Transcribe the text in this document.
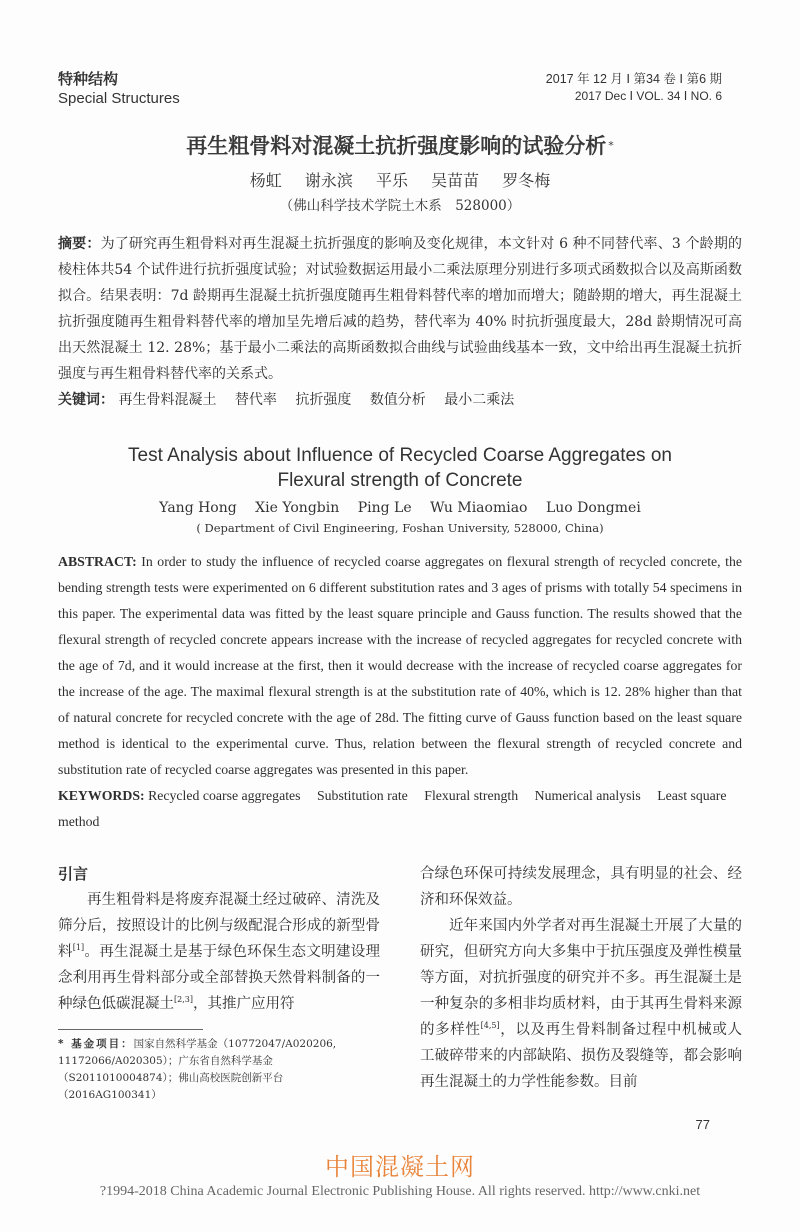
特种结构
Special Structures
2017 年 12 月 Ⅰ 第34 卷 Ⅰ 第6 期
2017 Dec Ⅰ VOL. 34 Ⅰ NO. 6
再生粗骨料对混凝土抗折强度影响的试验分析 *
杨虹 谢永滨 平乐 吴苗苗 罗冬梅
（佛山科学技术学院土木系　528000）
摘要：为了研究再生粗骨料对再生混凝土抗折强度的影响及变化规律，本文针对 6 种不同替代率、3 个龄期的棱柱体共54 个试件进行抗折强度试验；对试验数据运用最小二乘法原理分别进行多项式函数拟合以及高斯函数拟合。结果表明：7d 龄期再生混凝土抗折强度随再生粗骨料替代率的增加而增大；随龄期的增大，再生混凝土抗折强度随再生粗骨料替代率的增加呈先增后减的趋势，替代率为 40% 时抗折强度最大，28d 龄期情况可高出天然混凝土 12. 28%；基于最小二乘法的高斯函数拟合曲线与试验曲线基本一致，文中给出再生混凝土抗折强度与再生粗骨料替代率的关系式。
关键词： 再生骨料混凝土 替代率 抗折强度 数值分析 最小二乘法
Test Analysis about Influence of Recycled Coarse Aggregates on
Flexural strength of Concrete
Yang Hong Xie Yongbin Ping Le Wu Miaomiao Luo Dongmei
( Department of Civil Engineering, Foshan University, 528000, China)
ABSTRACT: In order to study the influence of recycled coarse aggregates on flexural strength of recycled concrete, the bending strength tests were experimented on 6 different substitution rates and 3 ages of prisms with totally 54 specimens in this paper. The experimental data was fitted by the least square principle and Gauss function. The results showed that the flexural strength of recycled concrete appears increase with the increase of recycled aggregates for recycled concrete with the age of 7d, and it would increase at the first, then it would decrease with the increase of recycled coarse aggregates for the increase of the age. The maximal flexural strength is at the substitution rate of 40%, which is 12. 28% higher than that of natural concrete for recycled concrete with the age of 28d. The fitting curve of Gauss function based on the least square method is identical to the experimental curve. Thus, relation between the flexural strength of recycled concrete and substitution rate of recycled coarse aggregates was presented in this paper.
KEYWORDS: Recycled coarse aggregates Substitution rate Flexural strength Numerical analysis Least square method
引言

再生粗骨料是将废弃混凝土经过破碎、清洗及筛分后，按照设计的比例与级配混合形成的新型骨料[1]。再生混凝土是基于绿色环保生态文明建设理念利用再生骨料部分或全部替换天然骨料制备的一种绿色低碳混凝土[2,3]，其推广应用符

* 基金项目：国家自然科学基金（10772047/A020206, 11172066/A020305）；广东省自然科学基金（S2011010004874）；佛山高校医院创新平台（2016AG100341）

合绿色环保可持续发展理念，具有明显的社会、经济和环保效益。

近年来国内外学者对再生混凝土开展了大量的研究，但研究方向大多集中于抗压强度及弹性模量等方面，对抗折强度的研究并不多。再生混凝土是一种复杂的多相非均质材料，由于其再生骨料来源的多样性[4,5]，以及再生骨料制备过程中机械或人工破碎带来的内部缺陷、损伤及裂缝等，都会影响再生混凝土的力学性能参数。目前

77
中国混凝土网
?1994-2018 China Academic Journal Electronic Publishing House. All rights reserved. http://www.cnki.net
